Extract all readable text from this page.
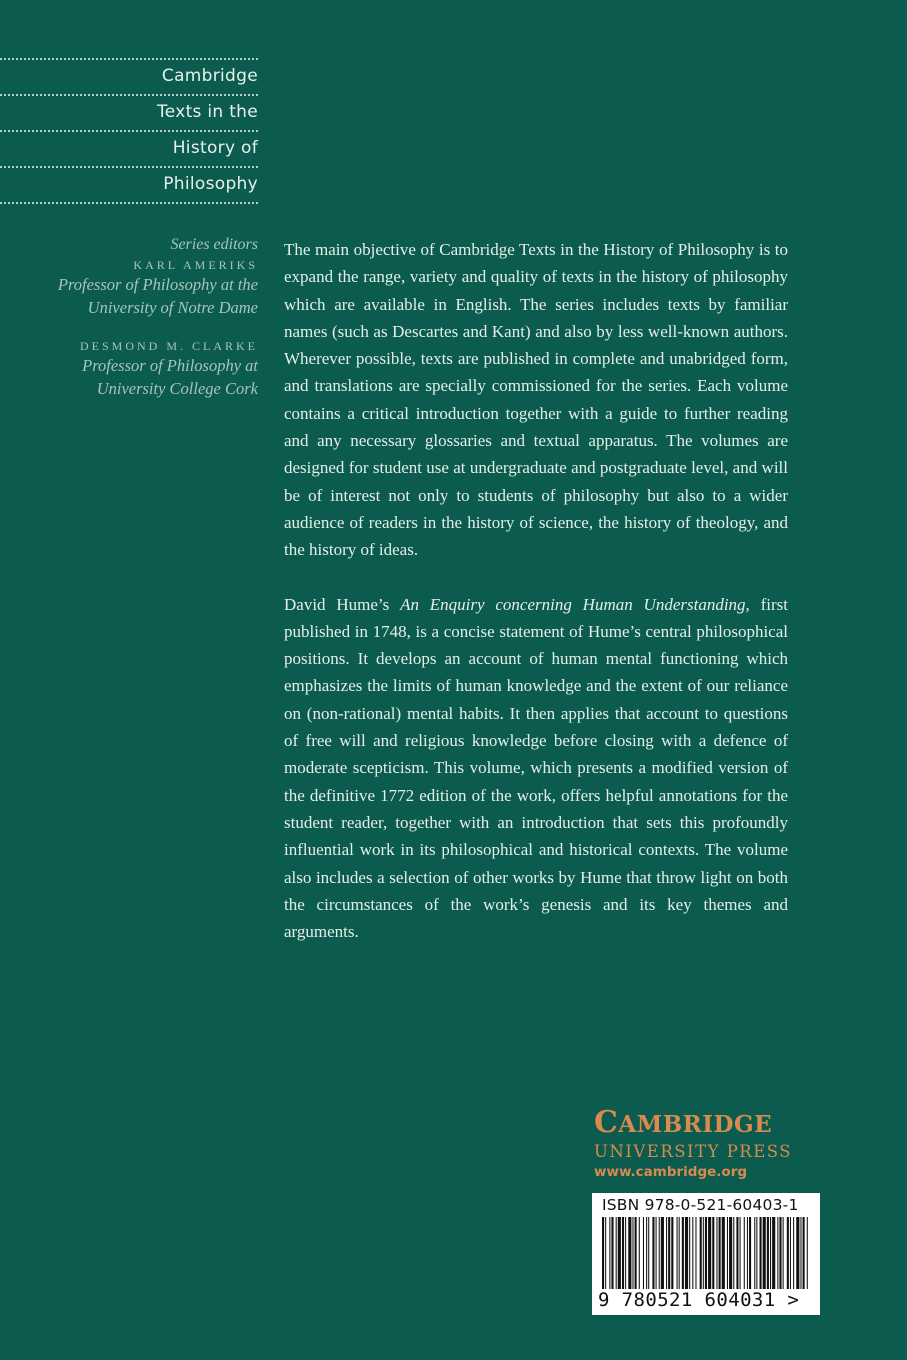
Cambridge
Texts in the
History of
Philosophy
Series editors
KARL AMERIKS
Professor of Philosophy at the
University of Notre Dame
DESMOND M. CLARKE
Professor of Philosophy at
University College Cork

The main objective of Cambridge Texts in the History of Philosophy is to expand the range, variety and quality of texts in the history of philosophy which are available in English. The series includes texts by familiar names (such as Descartes and Kant) and also by less well-known authors. Wherever possible, texts are published in complete and unabridged form, and translations are specially commissioned for the series. Each volume contains a critical introduction together with a guide to further reading and any necessary glossaries and textual apparatus. The volumes are designed for student use at undergraduate and postgraduate level, and will be of interest not only to students of philosophy but also to a wider audience of readers in the history of science, the history of theology, and the history of ideas.

David Hume’s An Enquiry concerning Human Understanding, first published in 1748, is a concise statement of Hume’s central philosophical positions. It develops an account of human mental functioning which emphasizes the limits of human knowledge and the extent of our reliance on (non-rational) mental habits. It then applies that account to questions of free will and religious knowledge before closing with a defence of moderate scepticism. This volume, which presents a modified version of the definitive 1772 edition of the work, offers helpful annotations for the student reader, together with an introduction that sets this profoundly influential work in its philosophical and historical contexts. The volume also includes a selection of other works by Hume that throw light on both the circumstances of the work’s genesis and its key themes and arguments.

CAMBRIDGE
UNIVERSITY PRESS
www.cambridge.org
ISBN 978-0-521-60403-1
9 780521 604031 >
